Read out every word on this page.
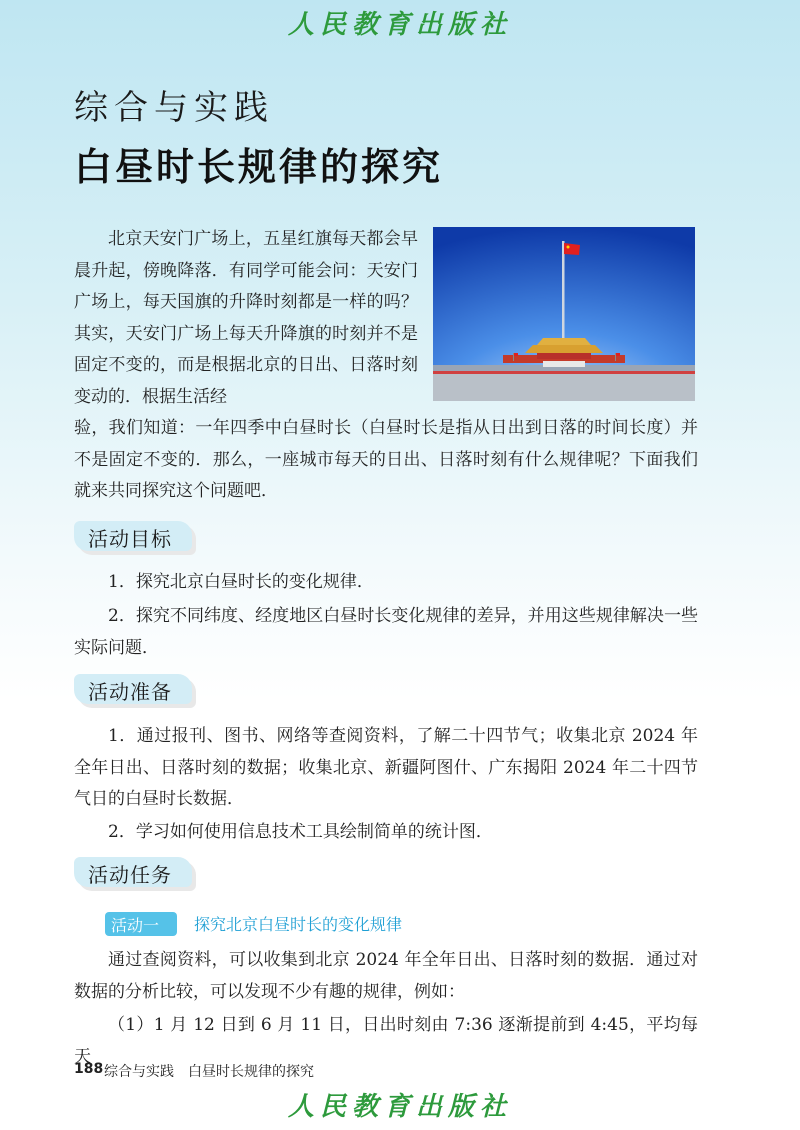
人民教育出版社
综合与实践
白昼时长规律的探究

北京天安门广场上，五星红旗每天都会早晨升起，傍晚降落．有同学可能会问：天安门广场上，每天国旗的升降时刻都是一样的吗？其实，天安门广场上每天升降旗的时刻并不是固定不变的，而是根据北京的日出、日落时刻变动的．根据生活经

验，我们知道：一年四季中白昼时长（白昼时长是指从日出到日落的时间长度）并不是固定不变的．那么，一座城市每天的日出、日落时刻有什么规律呢？下面我们就来共同探究这个问题吧．

活动目标

1．探究北京白昼时长的变化规律．

2．探究不同纬度、经度地区白昼时长变化规律的差异，并用这些规律解决一些实际问题．

活动准备

1．通过报刊、图书、网络等查阅资料，了解二十四节气；收集北京 2024 年全年日出、日落时刻的数据；收集北京、新疆阿图什、广东揭阳 2024 年二十四节气日的白昼时长数据．

2．学习如何使用信息技术工具绘制简单的统计图．

活动任务
活动一 探究北京白昼时长的变化规律

通过查阅资料，可以收集到北京 2024 年全年日出、日落时刻的数据．通过对数据的分析比较，可以发现不少有趣的规律，例如：

（1）1 月 12 日到 6 月 11 日，日出时刻由 7:36 逐渐提前到 4:45，平均每天

188 综合与实践　白昼时长规律的探究
人民教育出版社
